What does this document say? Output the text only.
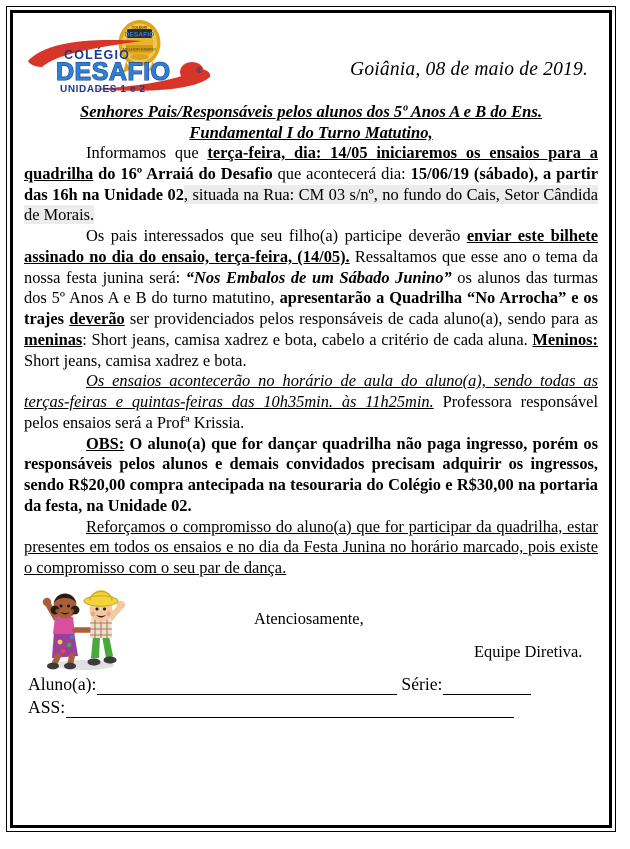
COLÉGIO
DESAFIO
MELHOR ENSINO
COLÉGIO
DESAFIO	®
UNIDADES 1 e 2
Goiânia, 08 de maio de 2019.
Senhores Pais/Responsáveis pelos alunos dos 5º Anos A e B do Ens.
Fundamental I do Turno Matutino,

Informamos que terça-feira, dia: 14/05 iniciaremos os ensaios para a quadrilha do 16º Arraiá do Desafio que acontecerá dia: 15/06/19 (sábado), a partir das 16h na Unidade 02, situada na Rua: CM 03 s/nº, no fundo do Cais, Setor Cândida de Morais.

Os pais interessados que seu filho(a) participe deverão enviar este bilhete assinado no dia do ensaio, terça-feira, (14/05). Ressaltamos que esse ano o tema da nossa festa junina será: “Nos Embalos de um Sábado Junino” os alunos das turmas dos 5º Anos A e B do turno matutino, apresentarão a Quadrilha “No Arrocha” e os trajes deverão ser providenciados pelos responsáveis de cada aluno(a), sendo para as meninas: Short jeans, camisa xadrez e bota, cabelo a critério de cada aluna. Meninos: Short jeans, camisa xadrez e bota.

Os ensaios acontecerão no horário de aula do aluno(a), sendo todas as terças-feiras e quintas-feiras das 10h35min. às 11h25min. Professora responsável pelos ensaios será a Profª Krissia.

OBS: O aluno(a) que for dançar quadrilha não paga ingresso, porém os responsáveis pelos alunos e demais convidados precisam adquirir os ingressos, sendo R$20,00 compra antecipada na tesouraria do Colégio e R$30,00 na portaria da festa, na Unidade 02.

Reforçamos o compromisso do aluno(a) que for participar da quadrilha, estar presentes em todos os ensaios e no dia da Festa Junina no horário marcado, pois existe o compromisso com o seu par de dança.

Atenciosamente,
Equipe Diretiva.
Aluno(a):	Série:
ASS:
